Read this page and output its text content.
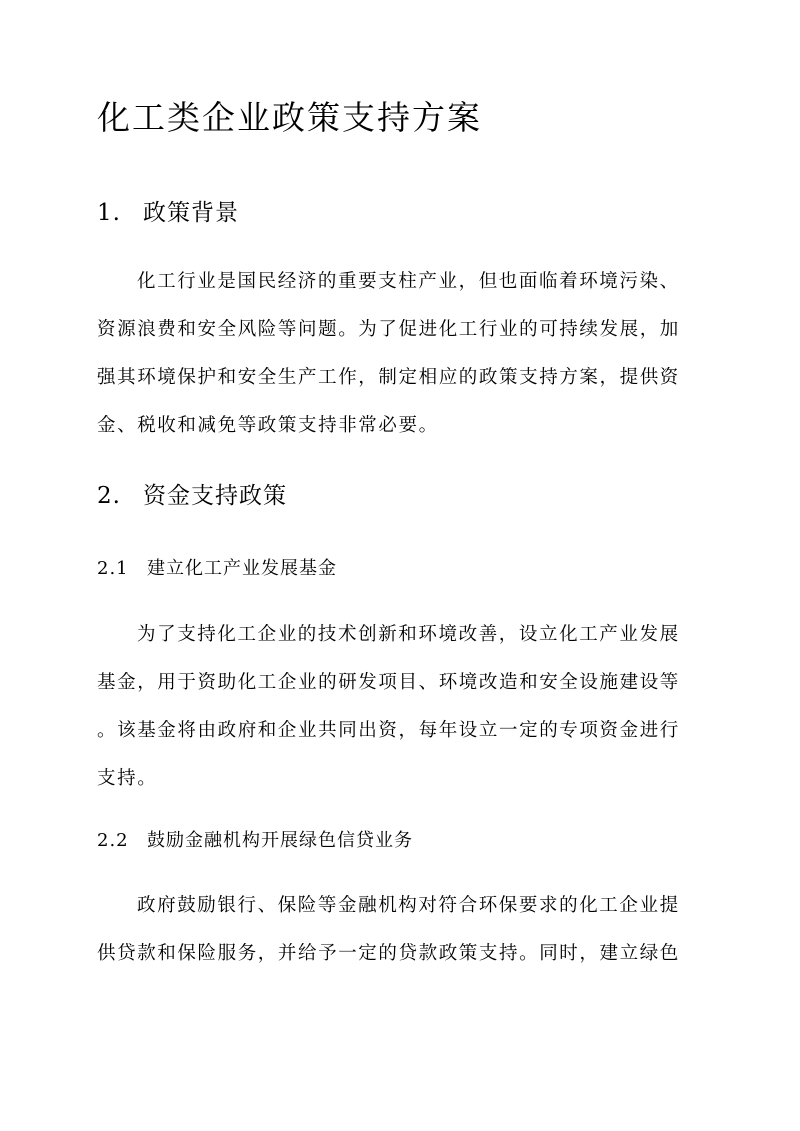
化工类企业政策支持方案
1. 政策背景
化工行业是国民经济的重要支柱产业，但也面临着环境污染、
资源浪费和安全风险等问题。为了促进化工行业的可持续发展，加
强其环境保护和安全生产工作，制定相应的政策支持方案，提供资
金、税收和减免等政策支持非常必要。
2. 资金支持政策
2.1 建立化工产业发展基金
为了支持化工企业的技术创新和环境改善，设立化工产业发展
基金，用于资助化工企业的研发项目、环境改造和安全设施建设等
。该基金将由政府和企业共同出资，每年设立一定的专项资金进行
支持。
2.2 鼓励金融机构开展绿色信贷业务
政府鼓励银行、保险等金融机构对符合环保要求的化工企业提
供贷款和保险服务，并给予一定的贷款政策支持。同时，建立绿色
